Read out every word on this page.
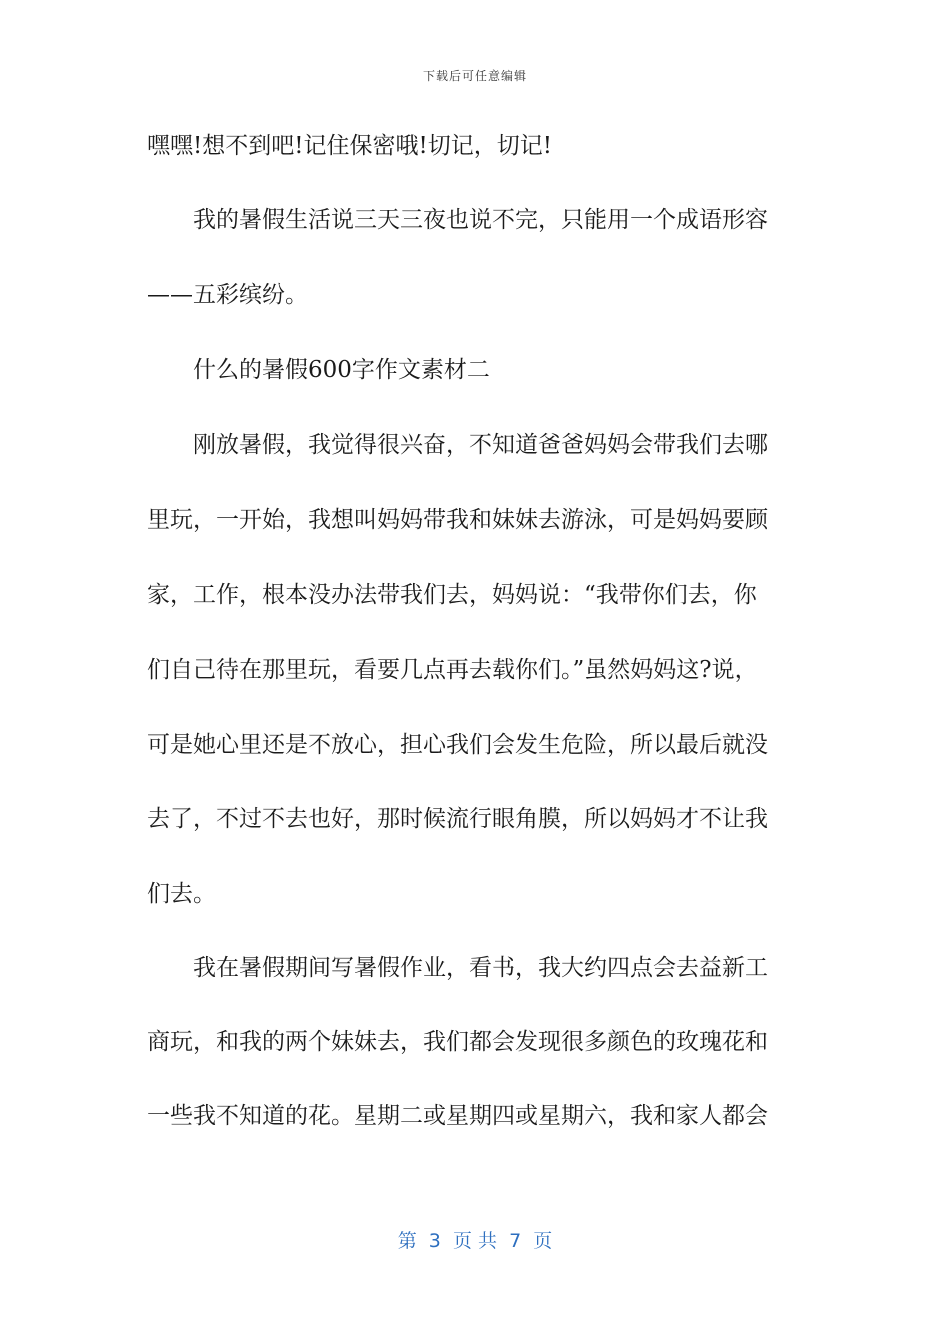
下载后可任意编辑
嘿嘿!想不到吧!记住保密哦!切记，切记!
　　我的暑假生活说三天三夜也说不完，只能用一个成语形容
——五彩缤纷。
　　什么的暑假600字作文素材二
　　刚放暑假，我觉得很兴奋，不知道爸爸妈妈会带我们去哪
里玩，一开始，我想叫妈妈带我和妹妹去游泳，可是妈妈要顾
家，工作，根本没办法带我们去，妈妈说：“我带你们去，你
们自己待在那里玩，看要几点再去载你们。”虽然妈妈这?说，
可是她心里还是不放心，担心我们会发生危险，所以最后就没
去了，不过不去也好，那时候流行眼角膜，所以妈妈才不让我
们去。
　　我在暑假期间写暑假作业，看书，我大约四点会去益新工
商玩，和我的两个妹妹去，我们都会发现很多颜色的玫瑰花和
一些我不知道的花。星期二或星期四或星期六，我和家人都会
第  3  页 共  7  页
